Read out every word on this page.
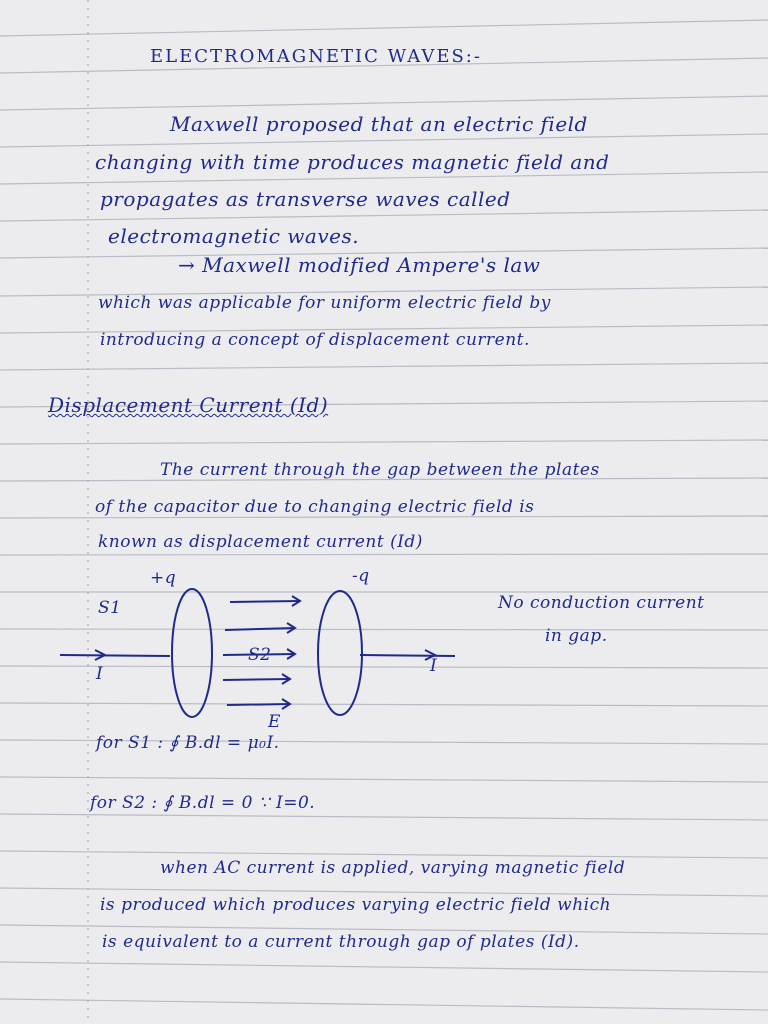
ELECTROMAGNETIC WAVES:-
Maxwell proposed that an electric field
changing with time produces magnetic field and
propagates as transverse waves called
electromagnetic waves.
→ Maxwell modified Ampere's law
which was applicable for uniform electric field by
introducing a concept of displacement current.
Displacement Current (Id)
The current through the gap between the plates
of the capacitor due to changing electric field is
known as displacement current (Id)
+q	-q
S1
S2
I	I
E
No conduction current
in gap.
for S1 : ∮ B.dl = μ₀I.
for S2 : ∮ B.dl = 0 ∵ I=0.
when AC current is applied, varying magnetic field
is produced which produces varying electric field which
is equivalent to a current through gap of plates (Id).
